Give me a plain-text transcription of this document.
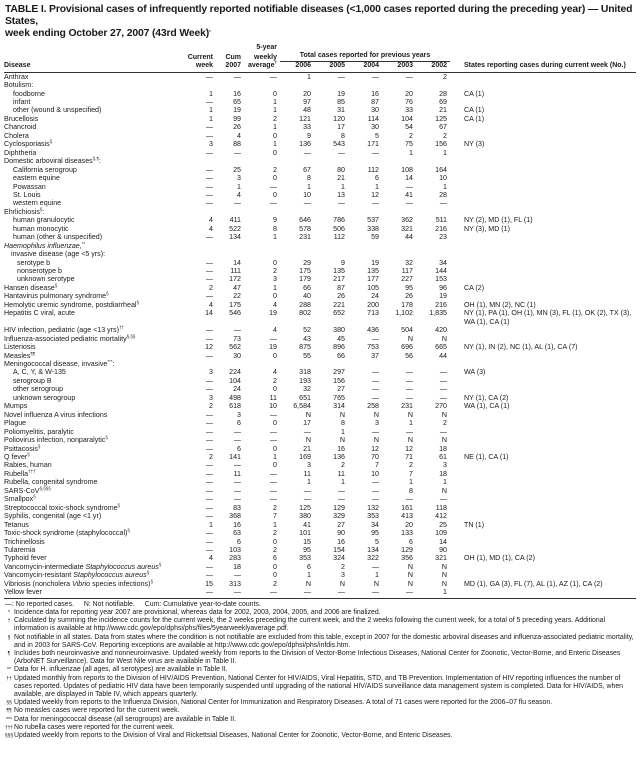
TABLE I. Provisional cases of infrequently reported notifiable diseases (<1,000 cases reported during the preceding year) — United States,
week ending October 27, 2007 (43rd Week)*
			5-year						
	Current	Cum	weekly	Total cases reported for previous years					
Disease	week	2007	average†	2006	2005	2004	2003	2002	States reporting cases during current week (No.)
Anthrax	—	—	—	1	—	—	—	2	
Botulism:									
foodborne	1	16	0	20	19	16	20	28	CA (1)
infant	—	65	1	97	85	87	76	69	
other (wound & unspecified)	1	19	1	48	31	30	33	21	CA (1)
Brucellosis	1	99	2	121	120	114	104	125	CA (1)
Chancroid	—	26	1	33	17	30	54	67	
Cholera	—	4	0	9	8	5	2	2	
Cyclosporiasis§	3	88	1	136	543	171	75	156	NY (3)
Diphtheria	—	—	0	—	—	—	1	1	
Domestic arboviral diseases§,¶:									
California serogroup	—	25	2	67	80	112	108	164	
eastern equine	—	3	0	8	21	6	14	10	
Powassan	—	1	—	1	1	1	—	1	
St. Louis	—	4	0	10	13	12	41	28	
western equine	—	—	—	—	—	—	—	—	
Ehrlichiosis§:									
human granulocytic	4	411	9	646	786	537	362	511	NY (2), MD (1), FL (1)
human monocytic	4	522	8	578	506	338	321	216	NY (3), MD (1)
human (other & unspecified)	—	134	1	231	112	59	44	23	
Haemophilus influenzae,**									
invasive disease (age <5 yrs):									
serotype b	—	14	0	29	9	19	32	34	
nonserotype b	—	111	2	175	135	135	117	144	
unknown serotype	—	172	3	179	217	177	227	153	
Hansen disease§	2	47	1	66	87	105	95	96	CA (2)
Hantavirus pulmonary syndrome§	—	22	0	40	26	24	26	19	
Hemolytic uremic syndrome, postdiarrheal§	4	175	4	288	221	200	178	216	OH (1), MN (2), NC (1)
Hepatitis C viral, acute	14	546	19	802	652	713	1,102	1,835	NY (1), PA (1), OH (1), MN (3), FL (1), OK (2), TX (3), WA (1), CA (1)
HIV infection, pediatric (age <13 yrs)††	—	—	4	52	380	436	504	420	
Influenza-associated pediatric mortality§,§§	—	73	—	43	45	—	N	N	
Listeriosis	12	562	19	875	896	753	696	665	NY (1), IN (2), NC (1), AL (1), CA (7)
Measles¶¶	—	30	0	55	66	37	56	44	
Meningococcal disease, invasive***:									
A, C, Y, & W-135	3	224	4	318	297	—	—	—	WA (3)
serogroup B	—	104	2	193	156	—	—	—	
other serogroup	—	24	0	32	27	—	—	—	
unknown serogroup	3	498	11	651	765	—	—	—	NY (1), CA (2)
Mumps	2	618	10	6,584	314	258	231	270	WA (1), CA (1)
Novel influenza A virus infections	—	3	—	N	N	N	N	N	
Plague	—	6	0	17	8	3	1	2	
Poliomyelitis, paralytic	—	—	—	—	1	—	—	—	
Poliovirus infection, nonparalytic§	—	—	—	N	N	N	N	N	
Psittacosis§	—	6	0	21	16	12	12	18	
Q fever§	2	141	1	169	136	70	71	61	NE (1), CA (1)
Rabies, human	—	—	0	3	2	7	2	3	
Rubella†††	—	11	—	11	11	10	7	18	
Rubella, congenital syndrome	—	—	—	1	1	—	1	1	
SARS-CoV§,§§§	—	—	—	—	—	—	8	N	
Smallpox§	—	—	—	—	—	—	—	—	
Streptococcal toxic-shock syndrome§	—	83	2	125	129	132	161	118	
Syphilis, congenital (age <1 yr)	—	368	7	380	329	353	413	412	
Tetanus	1	16	1	41	27	34	20	25	TN (1)
Toxic-shock syndrome (staphylococcal)§	—	63	2	101	90	95	133	109	
Trichinellosis	—	6	0	15	16	5	6	14	
Tularemia	—	103	2	95	154	134	129	90	
Typhoid fever	4	283	6	353	324	322	356	321	OH (1), MD (1), CA (2)
Vancomycin-intermediate Staphylococcus aureus§	—	18	0	6	2	—	N	N	
Vancomycin-resistant Staphylococcus aureus§	—	—	0	1	3	1	N	N	
Vibriosis (noncholera Vibrio species infections)§	15	313	2	N	N	N	N	N	MD (1), GA (3), FL (7), AL (1), AZ (1), CA (2)
Yellow fever	—	—	—	—	—	—	—	1	
—: No reported cases. N: Not notifiable. Cum: Cumulative year-to-date counts.
* Incidence data for reporting year 2007 are provisional, whereas data for 2002, 2003, 2004, 2005, and 2006 are finalized.
† Calculated by summing the incidence counts for the current week, the 2 weeks preceding the current week, and the 2 weeks following the current week, for a total of 5 preceding years. Additional information is available at http://www.cdc.gov/epo/dphsi/phs/files/5yearweeklyaverage.pdf.
§ Not notifiable in all states. Data from states where the condition is not notifiable are excluded from this table, except in 2007 for the domestic arboviral diseases and influenza-associated pediatric mortality, and in 2003 for SARS-CoV. Reporting exceptions are available at http://www.cdc.gov/epo/dphsi/phs/infdis.htm.
¶ Includes both neuroinvasive and nonneuroinvasive. Updated weekly from reports to the Division of Vector-Borne Infectious Diseases, National Center for Zoonotic, Vector-Borne, and Enteric Diseases (ArboNET Surveillance). Data for West Nile virus are available in Table II.
** Data for H. influenzae (all ages, all serotypes) are available in Table II.
†† Updated monthly from reports to the Division of HIV/AIDS Prevention, National Center for HIV/AIDS, Viral Hepatitis, STD, and TB Prevention. Implementation of HIV reporting influences the number of cases reported. Updates of pediatric HIV data have been temporarily suspended until upgrading of the national HIV/AIDS surveillance data management system is completed. Data for HIV/AIDS, when available, are displayed in Table IV, which appears quarterly.
§§ Updated weekly from reports to the Influenza Division, National Center for Immunization and Respiratory Diseases. A total of 71 cases were reported for the 2006–07 flu season.
¶¶ No measles cases were reported for the current week.
*** Data for meningococcal disease (all serogroups) are available in Table II.
††† No rubella cases were reported for the current week.
§§§ Updated weekly from reports to the Division of Viral and Rickettsial Diseases, National Center for Zoonotic, Vector-Borne, and Enteric Diseases.
